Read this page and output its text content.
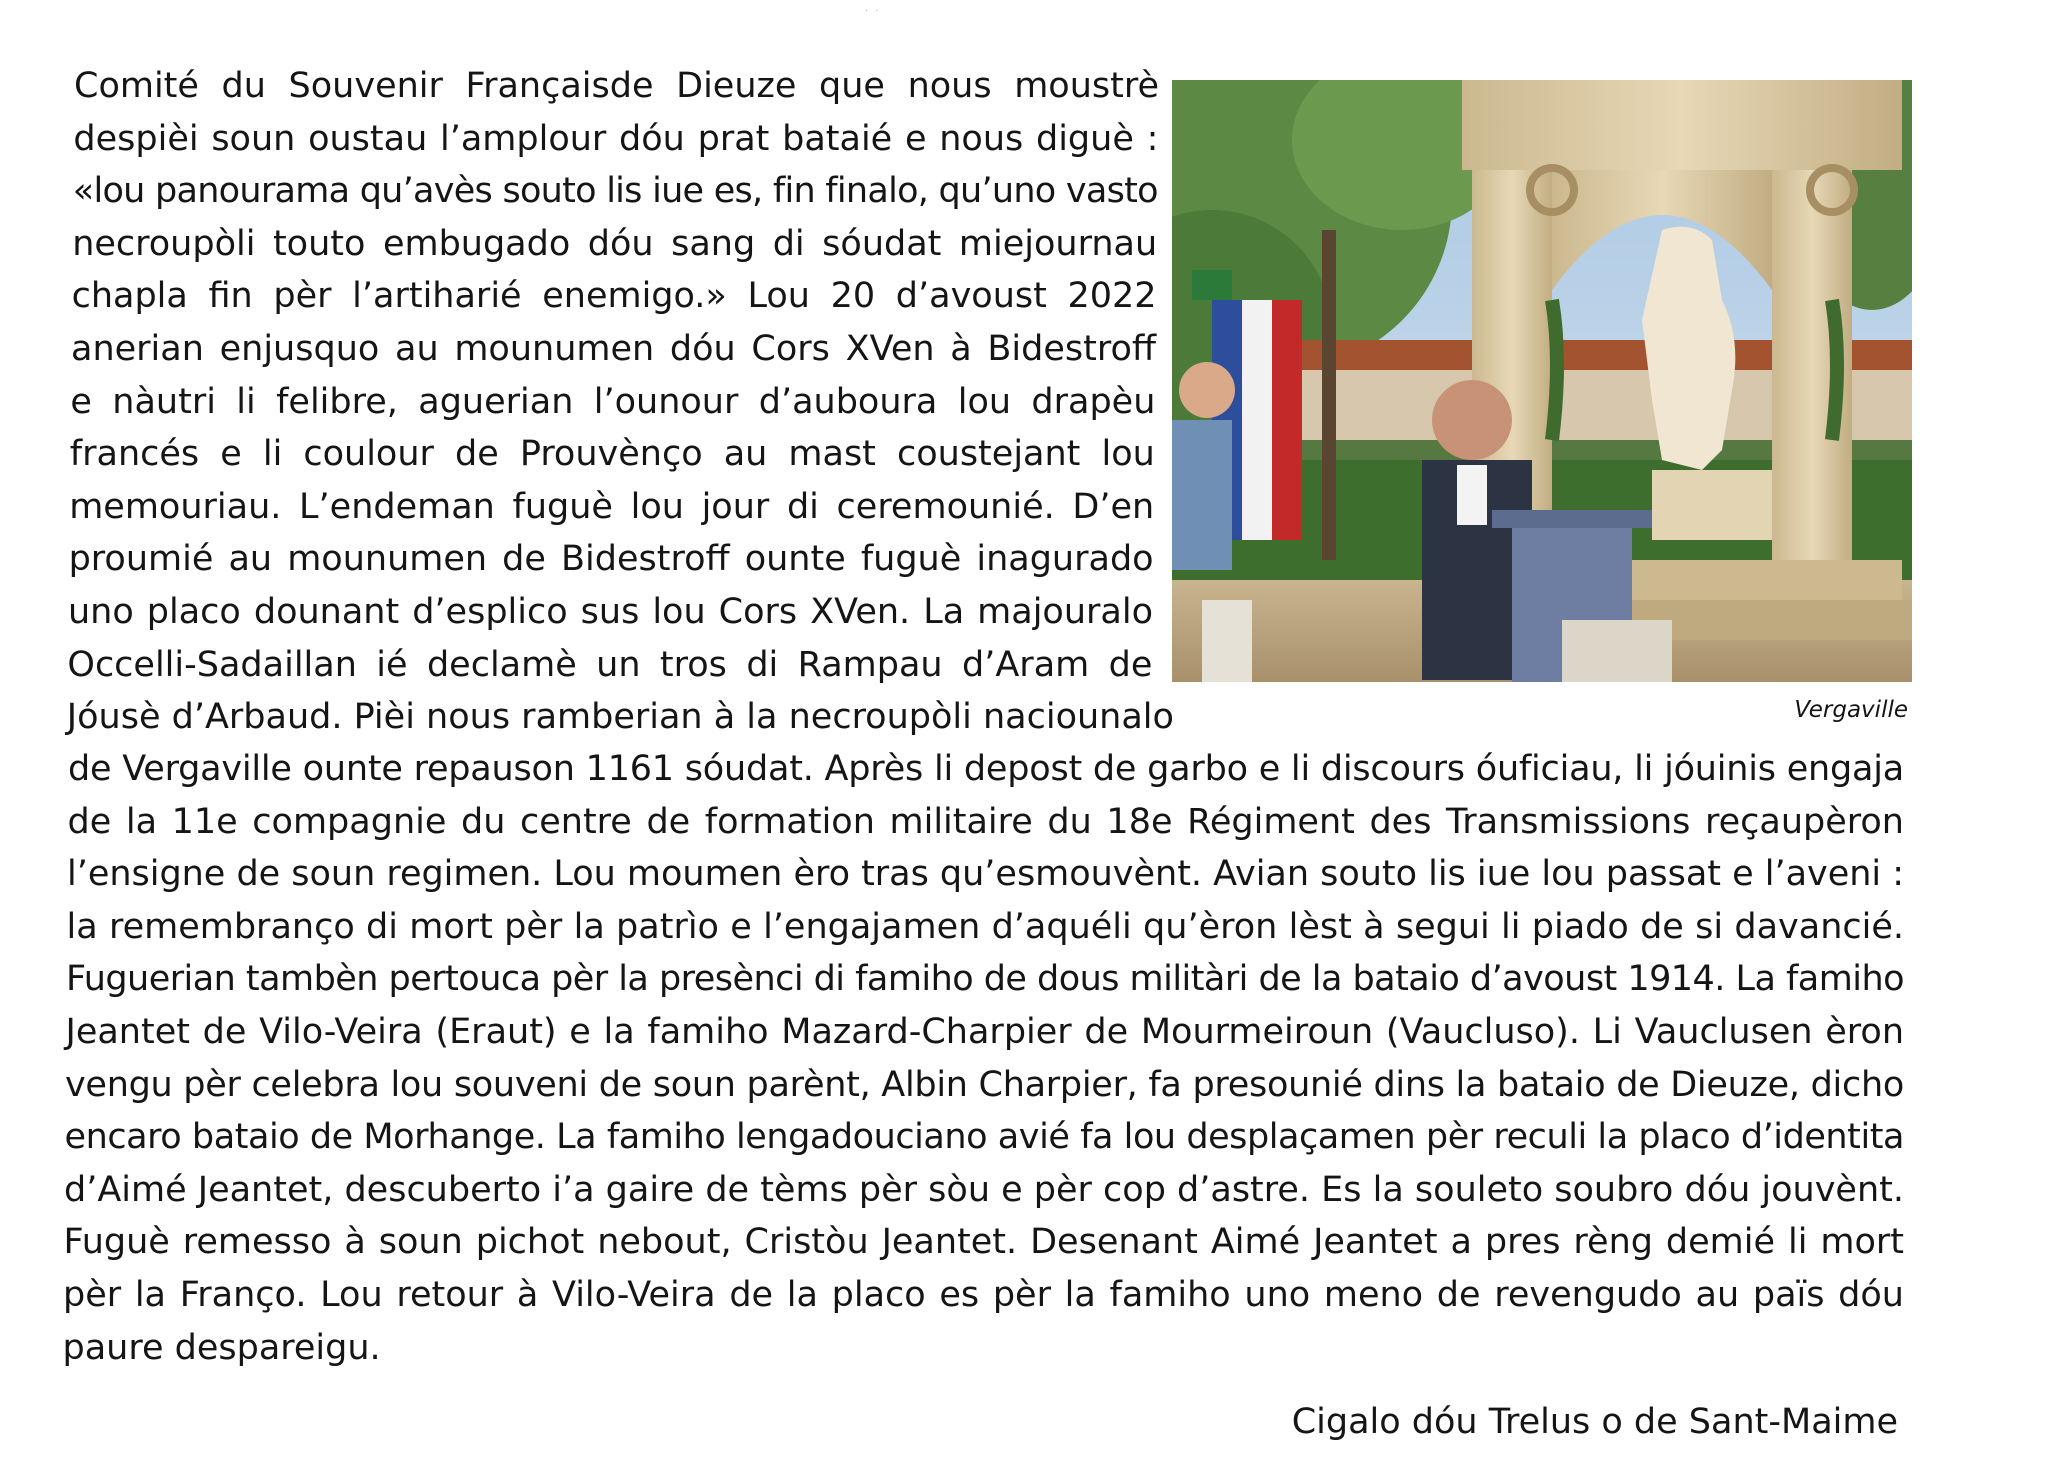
· ·
Comité du Souvenir Françaisde Dieuze que nous moustrè
despièi soun oustau l’amplour dóu prat bataié e nous diguè :
«lou panourama qu’avès souto lis iue es, fin finalo, qu’uno vasto
necroupòli touto embugado dóu sang di sóudat miejournau
chapla fin pèr l’artiharié enemigo.» Lou 20 d’avoust 2022
anerian enjusquo au mounumen dóu Cors XVen à Bidestroff
e nàutri li felibre, aguerian l’ounour d’auboura lou drapèu
francés e li coulour de Prouvènço au mast coustejant lou
memouriau. L’endeman fuguè lou jour di ceremounié. D’en
proumié au mounumen de Bidestroff ounte fuguè inagurado
uno placo dounant d’esplico sus lou Cors XVen. La majouralo
Occelli-Sadaillan ié declamè un tros di Rampau d’Aram de
Jóusè d’Arbaud. Pièi nous ramberian à la necroupòli naciounalo	Vergaville
de Vergaville ounte repauson 1161 sóudat. Après li depost de garbo e li discours óuficiau, li jóuinis engaja
de la 11e compagnie du centre de formation militaire du 18e Régiment des Transmissions reçaupèron
l’ensigne de soun regimen. Lou moumen èro tras qu’esmouvènt. Avian souto lis iue lou passat e l’aveni :
la remembranço di mort pèr la patrìo e l’engajamen d’aquéli qu’èron lèst à segui li piado de si davancié.
Fuguerian tambèn pertouca pèr la presènci di famiho de dous militàri de la bataio d’avoust 1914. La famiho
Jeantet de Vilo-Veira (Eraut) e la famiho Mazard-Charpier de Mourmeiroun (Vaucluso). Li Vauclusen èron
vengu pèr celebra lou souveni de soun parènt, Albin Charpier, fa presounié dins la bataio de Dieuze, dicho
encaro bataio de Morhange. La famiho lengadouciano avié fa lou desplaçamen pèr reculi la placo d’identita
d’Aimé Jeantet, descuberto i’a gaire de tèms pèr sòu e pèr cop d’astre. Es la souleto soubro dóu jouvènt.
Fuguè remesso à soun pichot nebout, Cristòu Jeantet. Desenant Aimé Jeantet a pres rèng demié li mort
pèr la Franço. Lou retour à Vilo-Veira de la placo es pèr la famiho uno meno de revengudo au païs dóu
paure despareigu.
Cigalo dóu Trelus o de Sant-Maime
